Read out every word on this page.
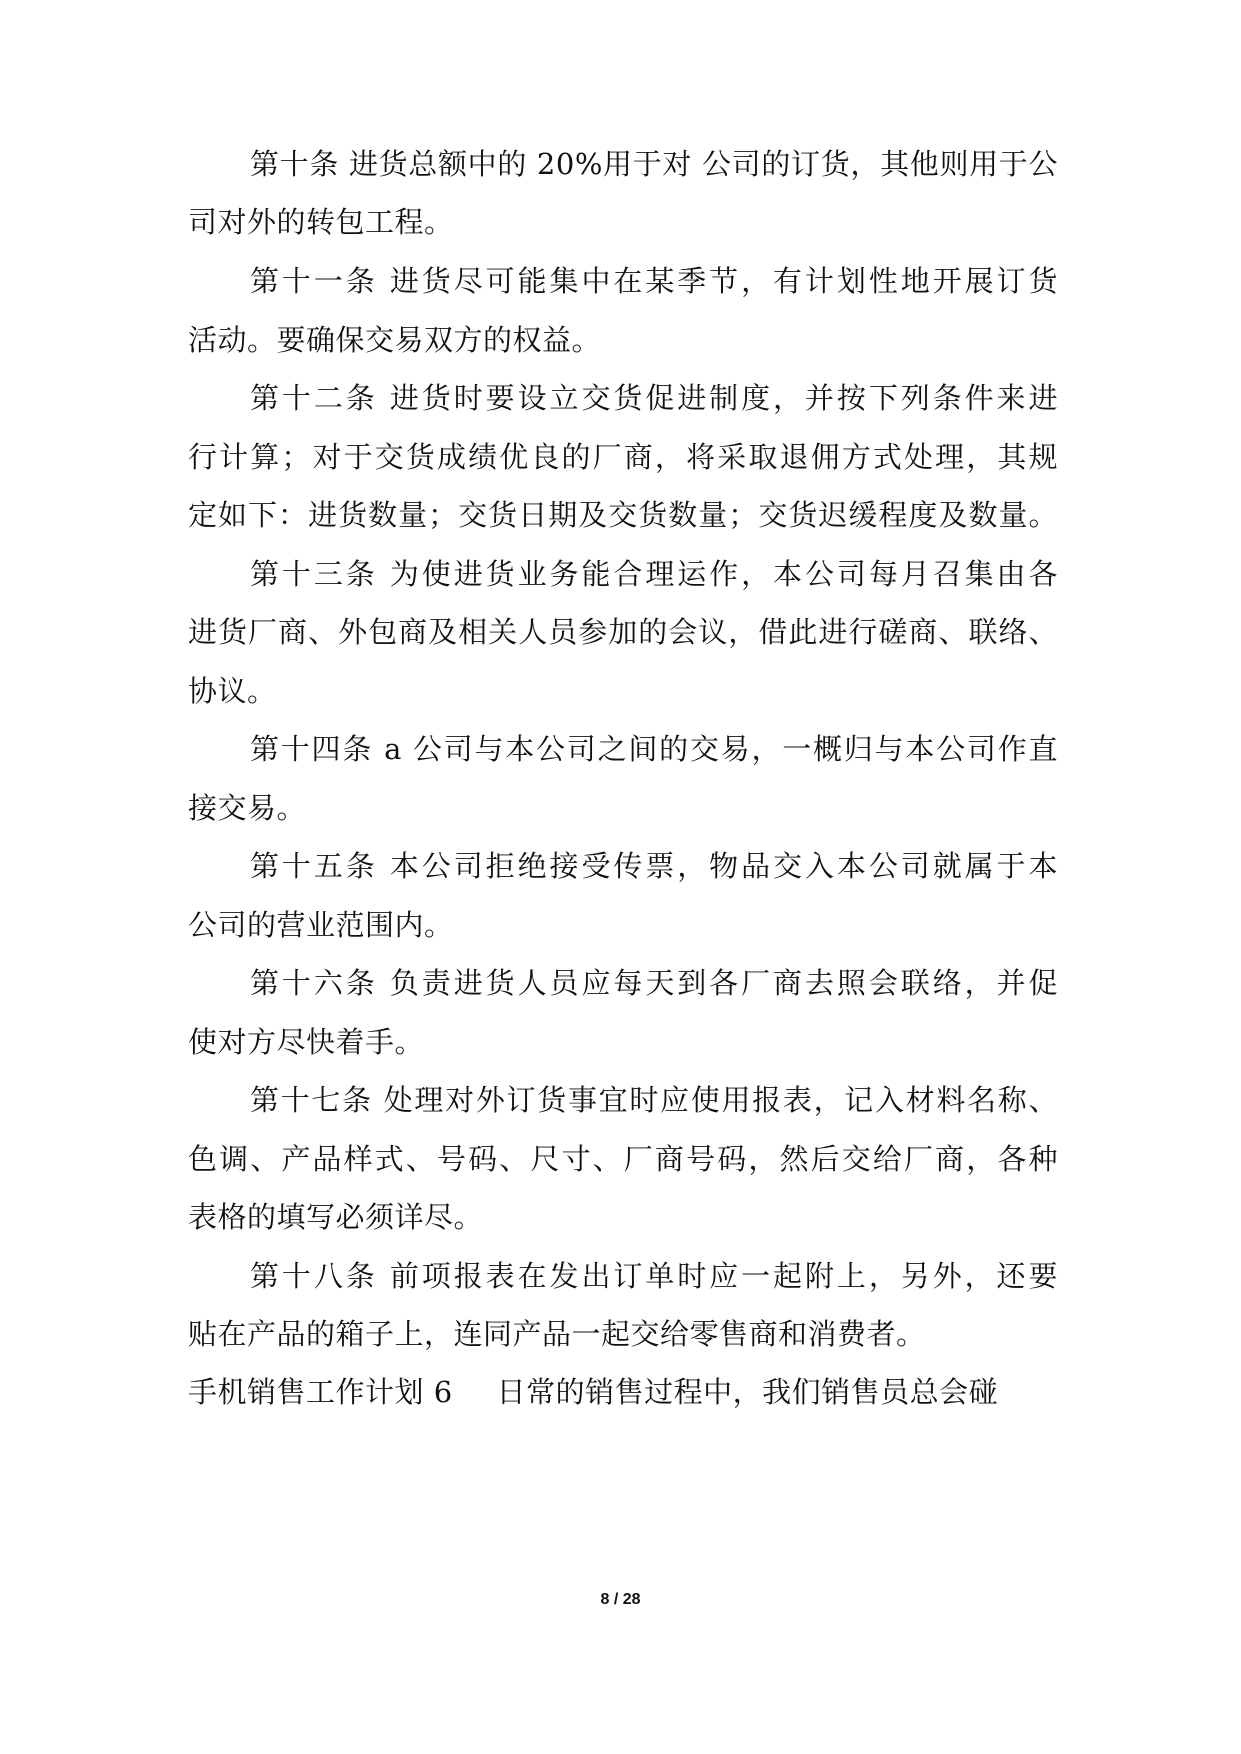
第十条 进货总额中的 20%用于对 公司的订货，其他则用于公
司对外的转包工程。
第十一条 进货尽可能集中在某季节，有计划性地开展订货
活动。要确保交易双方的权益。
第十二条 进货时要设立交货促进制度，并按下列条件来进
行计算；对于交货成绩优良的厂商，将采取退佣方式处理，其规
定如下：进货数量；交货日期及交货数量；交货迟缓程度及数量。
第十三条 为使进货业务能合理运作，本公司每月召集由各
进货厂商、外包商及相关人员参加的会议，借此进行磋商、联络、
协议。
第十四条 a 公司与本公司之间的交易，一概归与本公司作直
接交易。
第十五条 本公司拒绝接受传票，物品交入本公司就属于本
公司的营业范围内。
第十六条 负责进货人员应每天到各厂商去照会联络，并促
使对方尽快着手。
第十七条 处理对外订货事宜时应使用报表，记入材料名称、
色调、产品样式、号码、尺寸、厂商号码，然后交给厂商，各种
表格的填写必须详尽。
第十八条 前项报表在发出订单时应一起附上，另外，还要
贴在产品的箱子上，连同产品一起交给零售商和消费者。
手机销售工作计划 6 日常的销售过程中，我们销售员总会碰
8 / 28
